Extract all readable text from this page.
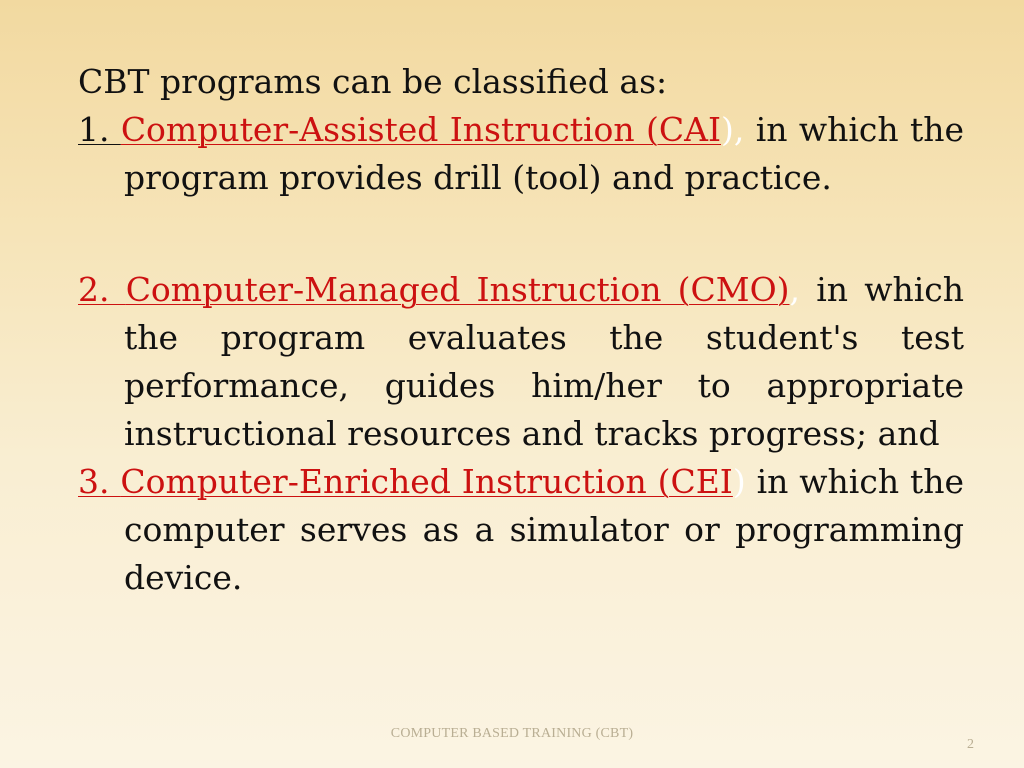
CBT programs can be classified as:

1. Computer-Assisted Instruction (CAI), in which the program provides drill (tool) and practice.

2. Computer-Managed Instruction (CMO), in which the program evaluates the student's test performance, guides him/her to appropriate instructional resources and tracks progress; and

3. Computer-Enriched Instruction (CEI) in which the computer serves as a simulator or programming device.

COMPUTER BASED TRAINING (CBT)
2
